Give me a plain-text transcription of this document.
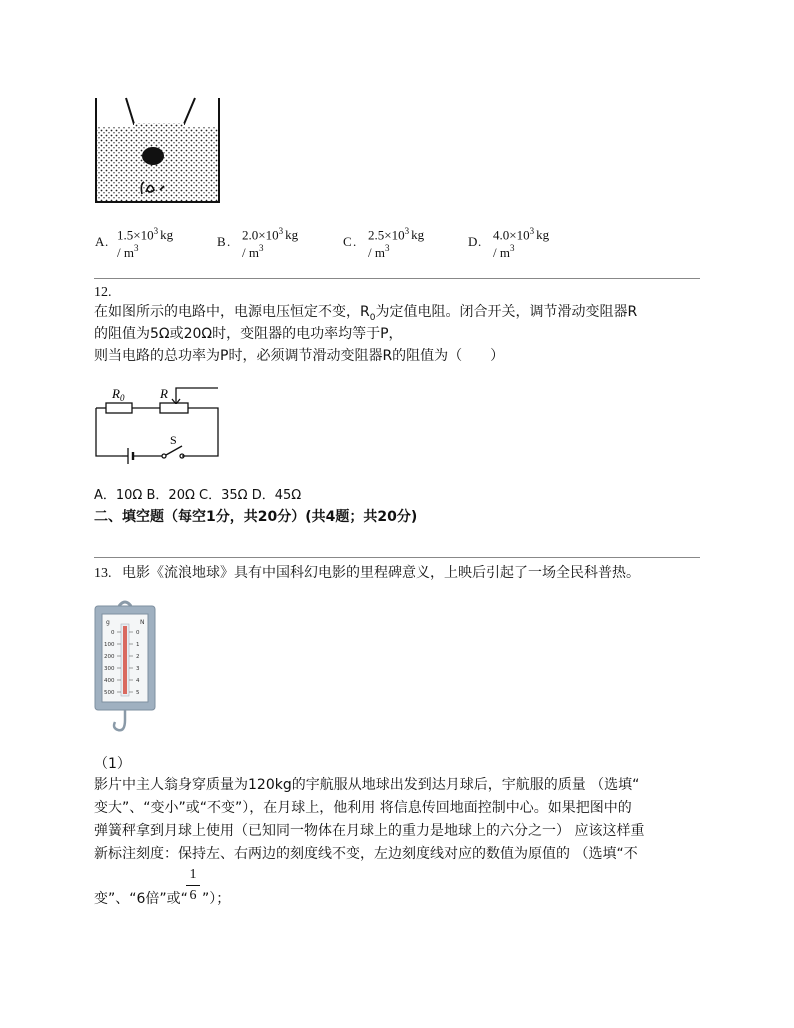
A . $1.5\times 10^3$ kg / $m^3$	B . $2.0\times 10^3$ kg / $m^3$	C . $2.5\times 10^3$ kg / $m^3$	D . $4.0\times 10^3$ kg / $m^3$
12.
在如图所示的电路中，电源电压恒定不变，$R_0$为定值电阻。闭合开关，调节滑动变阻器R
的阻值为5Ω或20Ω时，变阻器的电功率均等于P，
则当电路的总功率为P时，必须调节滑动变阻器R的阻值为（　　）
$R_0$	R
S
A．10Ω B．20Ω C．35Ω D．45Ω
二、填空题（每空1分，共20分）(共4题；共20分)
13. 电影《流浪地球》具有中国科幻电影的里程碑意义，上映后引起了一场全民科普热。
g	N
0
100
200
300
400
500
0
1
2
3
4
5
（1）
影片中主人翁身穿质量为120kg的宇航服从地球出发到达月球后，宇航服的质量 （选填“
变大”、“变小”或“不变”），在月球上，他利用 将信息传回地面控制中心。如果把图中的
弹簧秤拿到月球上使用（已知同一物体在月球上的重力是地球上的六分之一） 应该这样重
新标注刻度：保持左、右两边的刻度线不变，左边刻度线对应的数值为原值的 （选填“不
变”、“6倍”或“
1
6 ”）；
